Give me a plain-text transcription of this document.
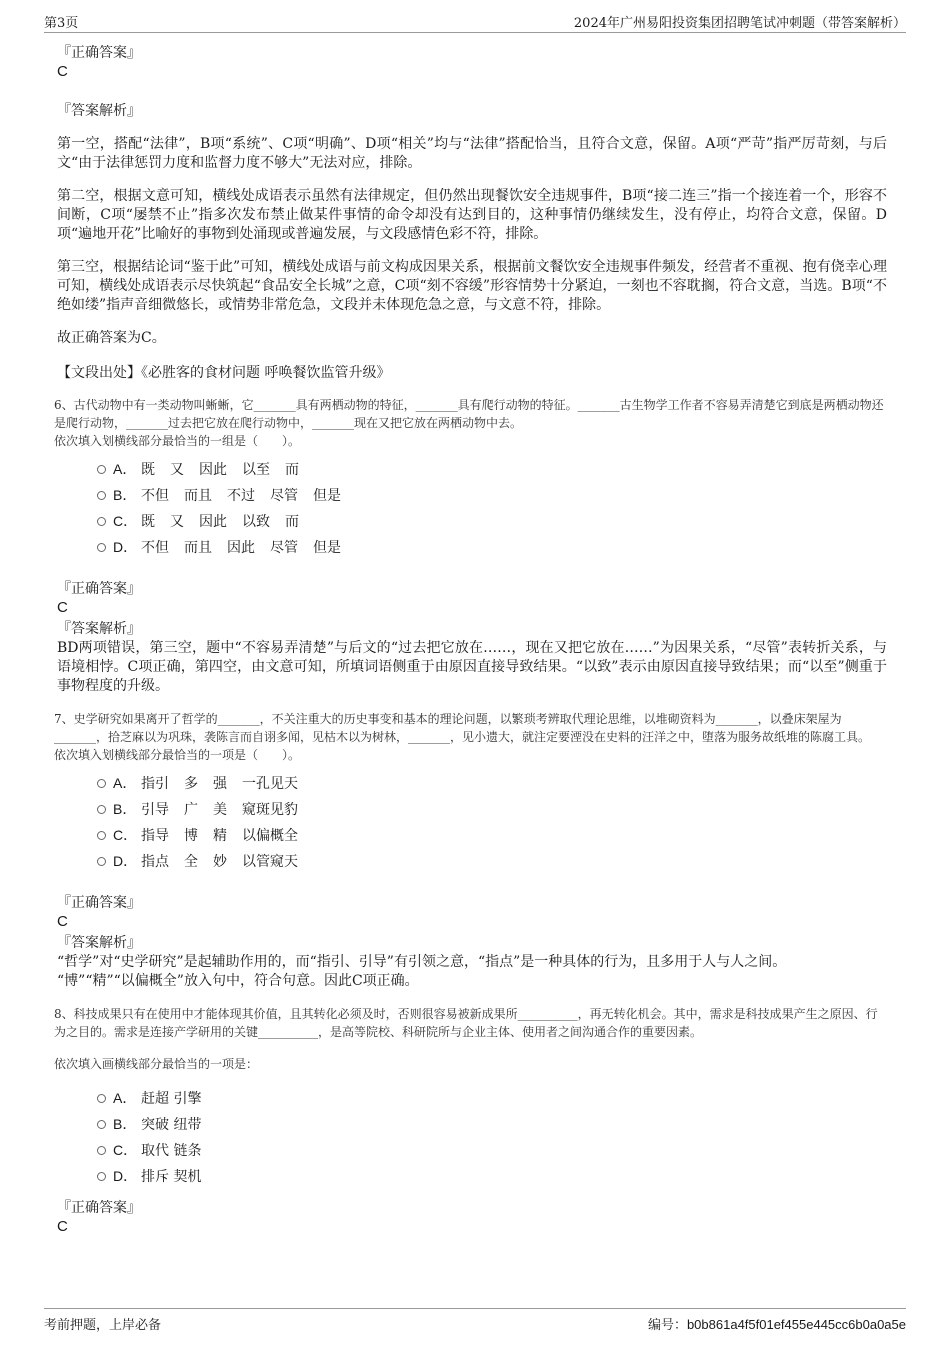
第3页	2024年广州易阳投资集团招聘笔试冲刺题（带答案解析）

『正确答案』

C

『答案解析』

第一空，搭配“法律”，B项“系统”、C项“明确”、D项“相关”均与“法律”搭配恰当，且符合文意，保留。A项“严苛”指严厉苛刻，与后文“由于法律惩罚力度和监督力度不够大”无法对应，排除。

第二空，根据文意可知，横线处成语表示虽然有法律规定，但仍然出现餐饮安全违规事件，B项“接二连三”指一个接连着一个，形容不间断，C项“屡禁不止”指多次发布禁止做某件事情的命令却没有达到目的，这种事情仍继续发生，没有停止，均符合文意，保留。D项“遍地开花”比喻好的事物到处涌现或普遍发展，与文段感情色彩不符，排除。

第三空，根据结论词“鉴于此”可知，横线处成语与前文构成因果关系，根据前文餐饮安全违规事件频发，经营者不重视、抱有侥幸心理可知，横线处成语表示尽快筑起“食品安全长城”之意，C项“刻不容缓”形容情势十分紧迫，一刻也不容耽搁，符合文意，当选。B项“不绝如缕”指声音细微悠长，或情势非常危急，文段并未体现危急之意，与文意不符，排除。

故正确答案为C。

【文段出处】《必胜客的食材问题 呼唤餐饮监管升级》

6、古代动物中有一类动物叫蜥蜥，它_______具有两栖动物的特征，_______具有爬行动物的特征。_______古生物学工作者不容易弄清楚它到底是两栖动物还是爬行动物，_______过去把它放在爬行动物中，_______现在又把它放在两栖动物中去。

依次填入划横线部分最恰当的一组是（　　）。

A． 既 又 因此 以至 而
B． 不但 而且 不过 尽管 但是
C． 既 又 因此 以致 而
D． 不但 而且 因此 尽管 但是

『正确答案』

C

『答案解析』

BD两项错误，第三空，题中“不容易弄清楚”与后文的“过去把它放在……，现在又把它放在……”为因果关系，“尽管”表转折关系，与语境相悖。C项正确，第四空，由文意可知，所填词语侧重于由原因直接导致结果。“以致”表示由原因直接导致结果；而“以至”侧重于事物程度的升级。

7、史学研究如果离开了哲学的_______，不关注重大的历史事变和基本的理论问题，以繁琐考辨取代理论思维，以堆砌资料为_______，以叠床架屋为_______，拾芝麻以为巩珠，袭陈言而自诩多闻，见枯木以为树林，_______，见小遗大，就注定要湮没在史料的汪洋之中，堕落为服务故纸堆的陈腐工具。

依次填入划横线部分最恰当的一项是（　　）。

A． 指引 多 强 一孔见天
B． 引导 广 美 窥斑见豹
C． 指导 博 精 以偏概全
D． 指点 全 妙 以管窥天

『正确答案』

C

『答案解析』

“哲学”对“史学研究”是起辅助作用的，而“指引、引导”有引领之意，“指点”是一种具体的行为，且多用于人与人之间。

“博”“精”“以偏概全”放入句中，符合句意。因此C项正确。

8、科技成果只有在使用中才能体现其价值，且其转化必须及时，否则很容易被新成果所__________，再无转化机会。其中，需求是科技成果产生之原因、行为之目的。需求是连接产学研用的关键__________，是高等院校、科研院所与企业主体、使用者之间沟通合作的重要因素。

依次填入画横线部分最恰当的一项是：

A． 赶超 引擎
B． 突破 纽带
C． 取代 链条
D． 排斥 契机

『正确答案』

C

考前押题，上岸必备	编号：b0b861a4f5f01ef455e445cc6b0a0a5e
